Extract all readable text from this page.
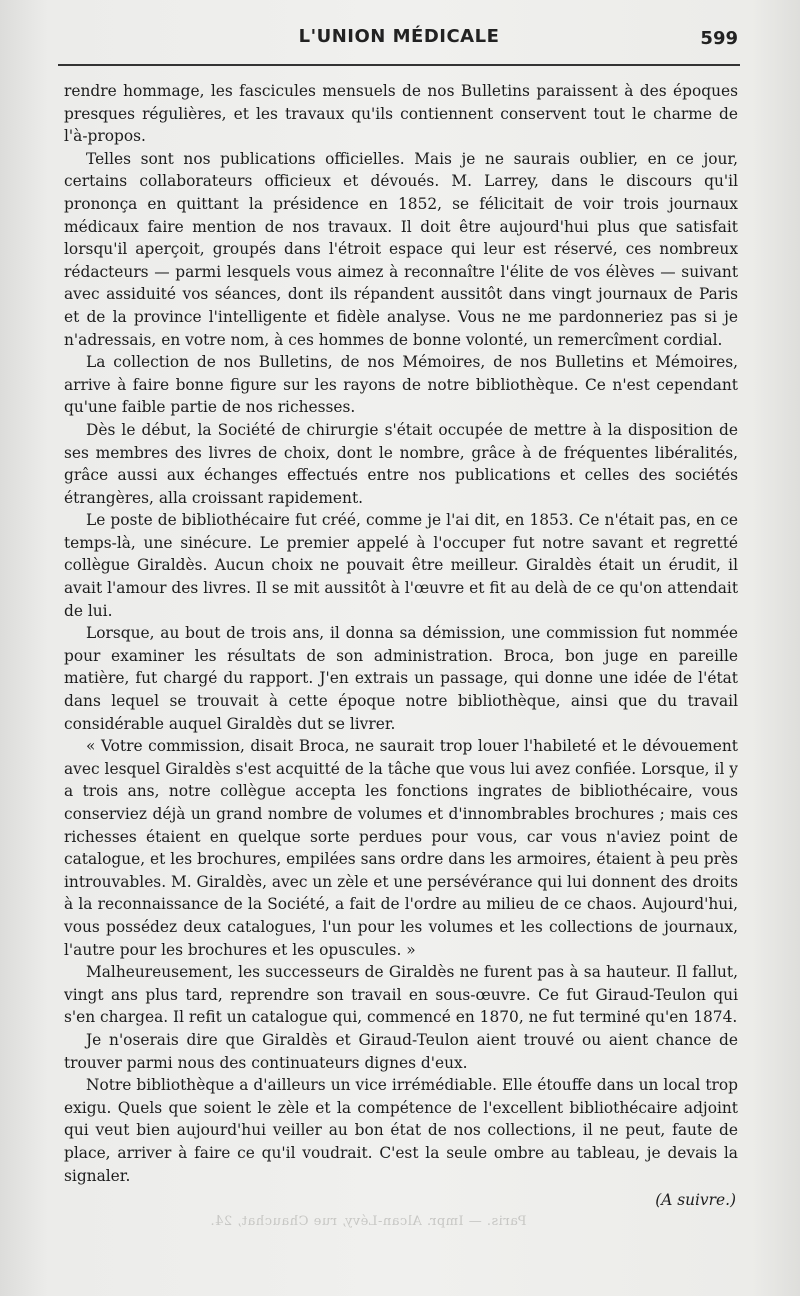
L'UNION MÉDICALE	599

rendre hommage, les fascicules mensuels de nos Bulletins paraissent à des époques presques régulières, et les travaux qu'ils contiennent conservent tout le charme de l'à-propos.

Telles sont nos publications officielles. Mais je ne saurais oublier, en ce jour, certains collaborateurs officieux et dévoués. M. Larrey, dans le discours qu'il prononça en quittant la présidence en 1852, se félicitait de voir trois journaux médicaux faire mention de nos travaux. Il doit être aujourd'hui plus que satisfait lorsqu'il aperçoit, groupés dans l'étroit espace qui leur est réservé, ces nombreux rédacteurs — parmi lesquels vous aimez à reconnaître l'élite de vos élèves — suivant avec assiduité vos séances, dont ils répandent aussitôt dans vingt journaux de Paris et de la province l'intelligente et fidèle analyse. Vous ne me pardonneriez pas si je n'adressais, en votre nom, à ces hommes de bonne volonté, un remercîment cordial.

La collection de nos Bulletins, de nos Mémoires, de nos Bulletins et Mémoires, arrive à faire bonne figure sur les rayons de notre bibliothèque. Ce n'est cependant qu'une faible partie de nos richesses.

Dès le début, la Société de chirurgie s'était occupée de mettre à la disposition de ses membres des livres de choix, dont le nombre, grâce à de fréquentes libéralités, grâce aussi aux échanges effectués entre nos publications et celles des sociétés étrangères, alla croissant rapidement.

Le poste de bibliothécaire fut créé, comme je l'ai dit, en 1853. Ce n'était pas, en ce temps-là, une sinécure. Le premier appelé à l'occuper fut notre savant et regretté collègue Giraldès. Aucun choix ne pouvait être meilleur. Giraldès était un érudit, il avait l'amour des livres. Il se mit aussitôt à l'œuvre et fit au delà de ce qu'on attendait de lui.

Lorsque, au bout de trois ans, il donna sa démission, une commission fut nommée pour examiner les résultats de son administration. Broca, bon juge en pareille matière, fut chargé du rapport. J'en extrais un passage, qui donne une idée de l'état dans lequel se trouvait à cette époque notre bibliothèque, ainsi que du travail considérable auquel Giraldès dut se livrer.

« Votre commission, disait Broca, ne saurait trop louer l'habileté et le dévouement avec lesquel Giraldès s'est acquitté de la tâche que vous lui avez confiée. Lorsque, il y a trois ans, notre collègue accepta les fonctions ingrates de bibliothécaire, vous conserviez déjà un grand nombre de volumes et d'innombrables brochures ; mais ces richesses étaient en quelque sorte perdues pour vous, car vous n'aviez point de catalogue, et les brochures, empilées sans ordre dans les armoires, étaient à peu près introuvables. M. Giraldès, avec un zèle et une persévérance qui lui donnent des droits à la reconnaissance de la Société, a fait de l'ordre au milieu de ce chaos. Aujourd'hui, vous possédez deux catalogues, l'un pour les volumes et les collections de journaux, l'autre pour les brochures et les opuscules. »

Malheureusement, les successeurs de Giraldès ne furent pas à sa hauteur. Il fallut, vingt ans plus tard, reprendre son travail en sous-œuvre. Ce fut Giraud-Teulon qui s'en chargea. Il refit un catalogue qui, commencé en 1870, ne fut terminé qu'en 1874.

Je n'oserais dire que Giraldès et Giraud-Teulon aient trouvé ou aient chance de trouver parmi nous des continuateurs dignes d'eux.

Notre bibliothèque a d'ailleurs un vice irrémédiable. Elle étouffe dans un local trop exigu. Quels que soient le zèle et la compétence de l'excellent bibliothécaire adjoint qui veut bien aujourd'hui veiller au bon état de nos collections, il ne peut, faute de place, arriver à faire ce qu'il voudrait. C'est la seule ombre au tableau, je devais la signaler.

(A suivre.)
Paris. — Impr. Alcan-Lévy, rue Chauchat, 24.
